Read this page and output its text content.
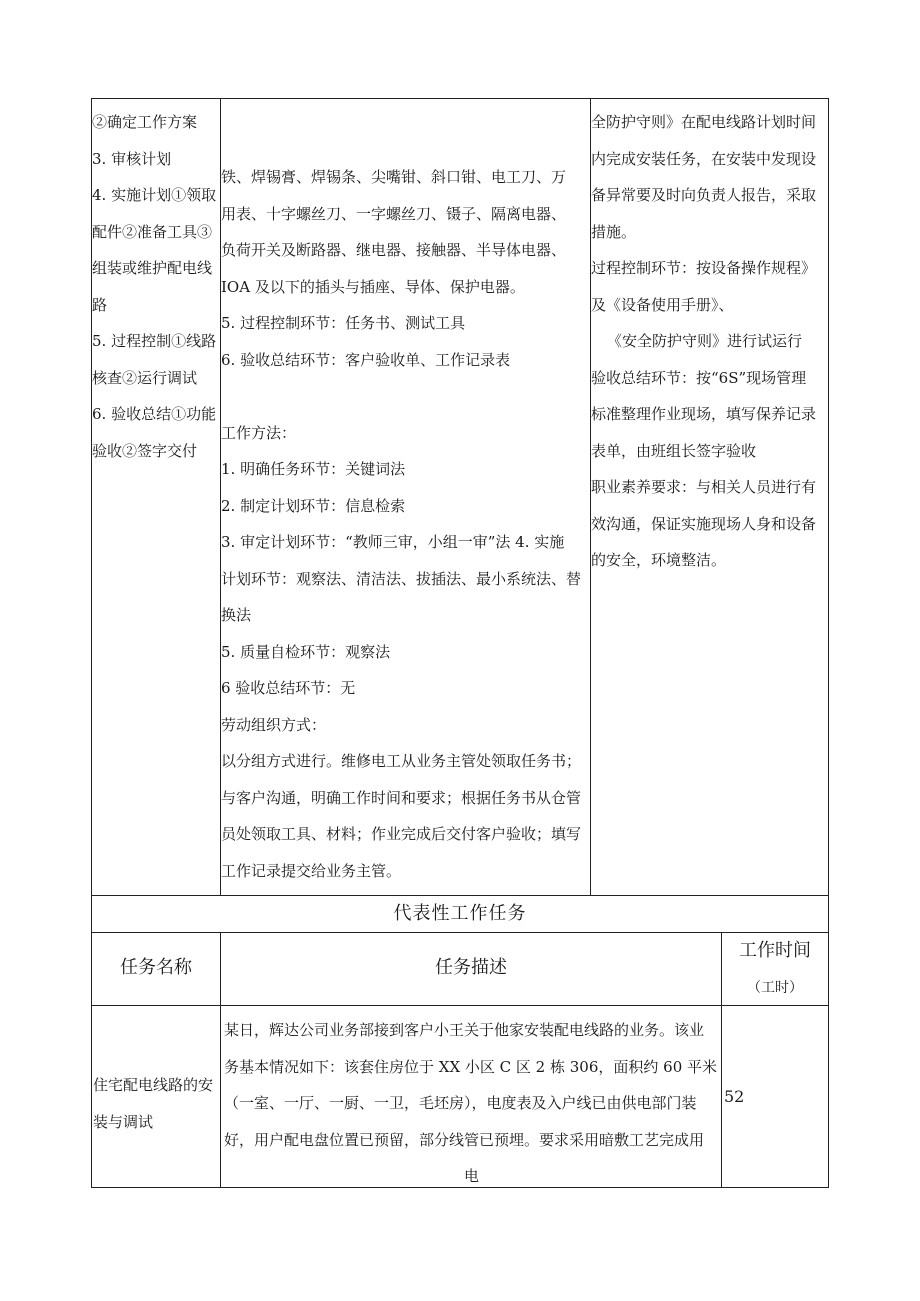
②确定工作方案

3. 审核计划

4. 实施计划①领取

配件②准备工具③

组装或维护配电线

路

5. 过程控制①线路

核查②运行调试

6. 验收总结①功能

验收②签字交付

铁、焊锡膏、焊锡条、尖嘴钳、斜口钳、电工刀、万

用表、十字螺丝刀、一字螺丝刀、镊子、隔离电器、

负荷开关及断路器、继电器、接触器、半导体电器、

IOA 及以下的插头与插座、导体、保护电器。

5. 过程控制环节：任务书、测试工具

6. 验收总结环节：客户验收单、工作记录表

工作方法：

1. 明确任务环节：关键词法

2. 制定计划环节：信息检索

3. 审定计划环节：“教师三审，小组一审”法 4. 实施

计划环节：观察法、清洁法、拔插法、最小系统法、替

换法

5. 质量自检环节：观察法

6 验收总结环节：无

劳动组织方式：

以分组方式进行。维修电工从业务主管处领取任务书；

与客户沟通，明确工作时间和要求；根据任务书从仓管

员处领取工具、材料；作业完成后交付客户验收；填写

工作记录提交给业务主管。

全防护守则》在配电线路计划时间

内完成安装任务，在安装中发现设

备异常要及时向负责人报告，采取

措施。

过程控制环节：按设备操作规程》

及《设备使用手册》、

《安全防护守则》进行试运行

验收总结环节：按“6S”现场管理

标准整理作业现场，填写保养记录

表单，由班组长签字验收

职业素养要求：与相关人员进行有

效沟通，保证实施现场人身和设备

的安全，环境整洁。

代表性工作任务
任务名称	任务描述
工作时间
（工时）

住宅配电线路的安

装与调试

某日，辉达公司业务部接到客户小王关于他家安装配电线路的业务。该业

务基本情况如下：该套住房位于 XX 小区 C 区 2 栋 306，面积约 60 平米

（一室、一厅、一厨、一卫，毛坯房），电度表及入户线已由供电部门装

好，用户配电盘位置已预留，部分线管已预埋。要求采用暗敷工艺完成用

电

52
